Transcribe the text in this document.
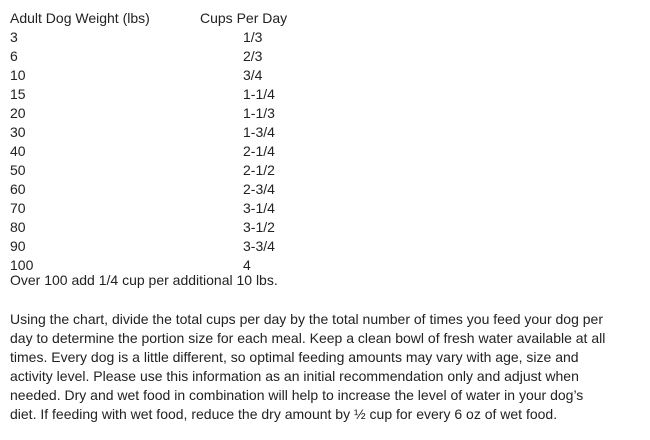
Adult Dog Weight (lbs)	Cups Per Day
3	1/3
6	2/3
10	3/4
15	1-1/4
20	1-1/3
30	1-3/4
40	2-1/4
50	2-1/2
60	2-3/4
70	3-1/4
80	3-1/2
90	3-3/4
100	4
Over 100 add 1/4 cup per additional 10 lbs.
Using the chart, divide the total cups per day by the total number of times you feed your dog per
day to determine the portion size for each meal. Keep a clean bowl of fresh water available at all
times. Every dog is a little different, so optimal feeding amounts may vary with age, size and
activity level. Please use this information as an initial recommendation only and adjust when
needed. Dry and wet food in combination will help to increase the level of water in your dog’s
diet. If feeding with wet food, reduce the dry amount by ½ cup for every 6 oz of wet food.
